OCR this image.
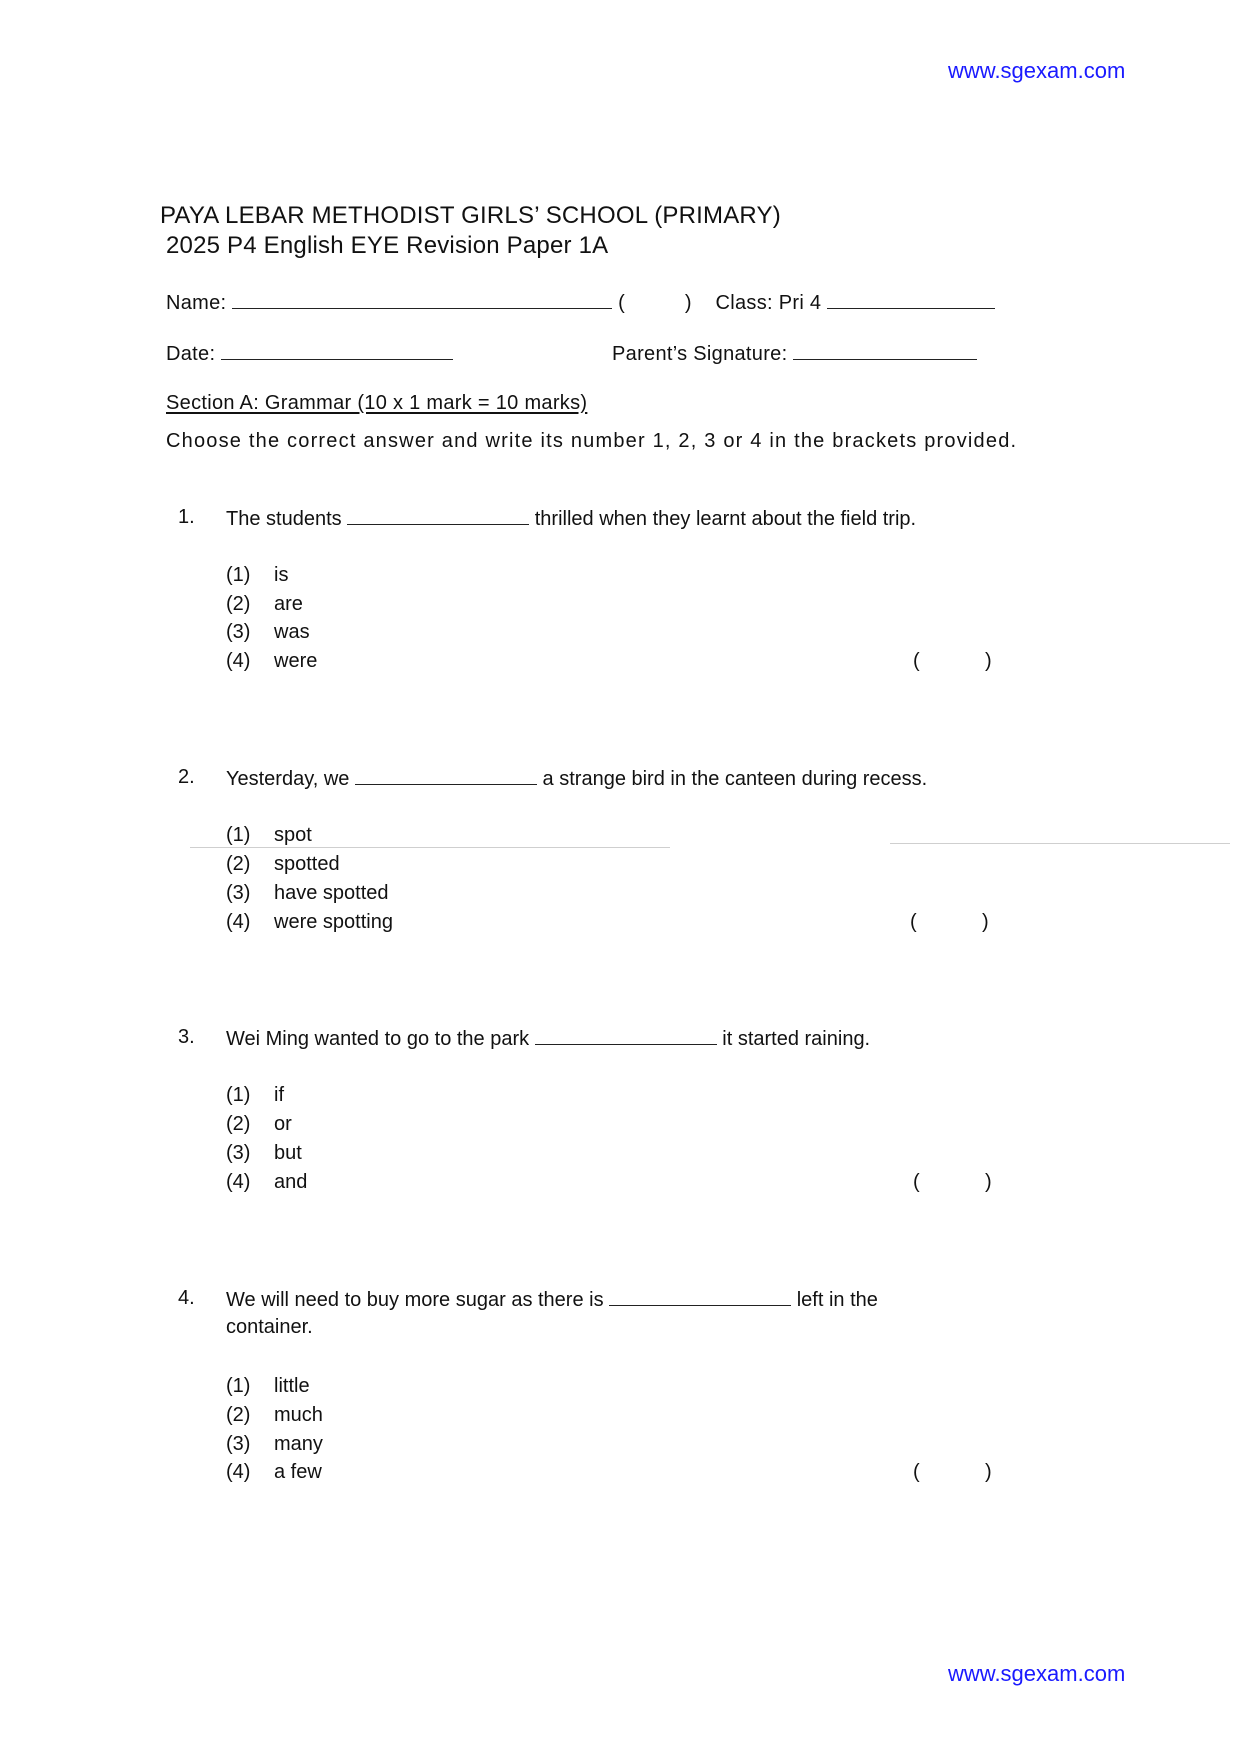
www.sgexam.com
PAYA LEBAR METHODIST GIRLS’ SCHOOL (PRIMARY)
2025 P4 English EYE Revision Paper 1A
Name:	(	) Class: Pri 4
Date:	Parent’s Signature:
Section A: Grammar (10 x 1 mark = 10 marks)
Choose the correct answer and write its number 1, 2, 3 or 4 in the brackets provided.
1. The students	thrilled when they learnt about the field trip.
(1) is
(2) are
(3) was
(4) were	(	)
2. Yesterday, we	a strange bird in the canteen during recess.
(1) spot
(2) spotted
(3) have spotted
(4) were spotting	(	)
3. Wei Ming wanted to go to the park	it started raining.
(1) if
(2) or
(3) but
(4) and	(	)
4. We will need to buy more sugar as there is	left in the
container.
(1) little
(2) much
(3) many
(4) a few	(	)
www.sgexam.com
